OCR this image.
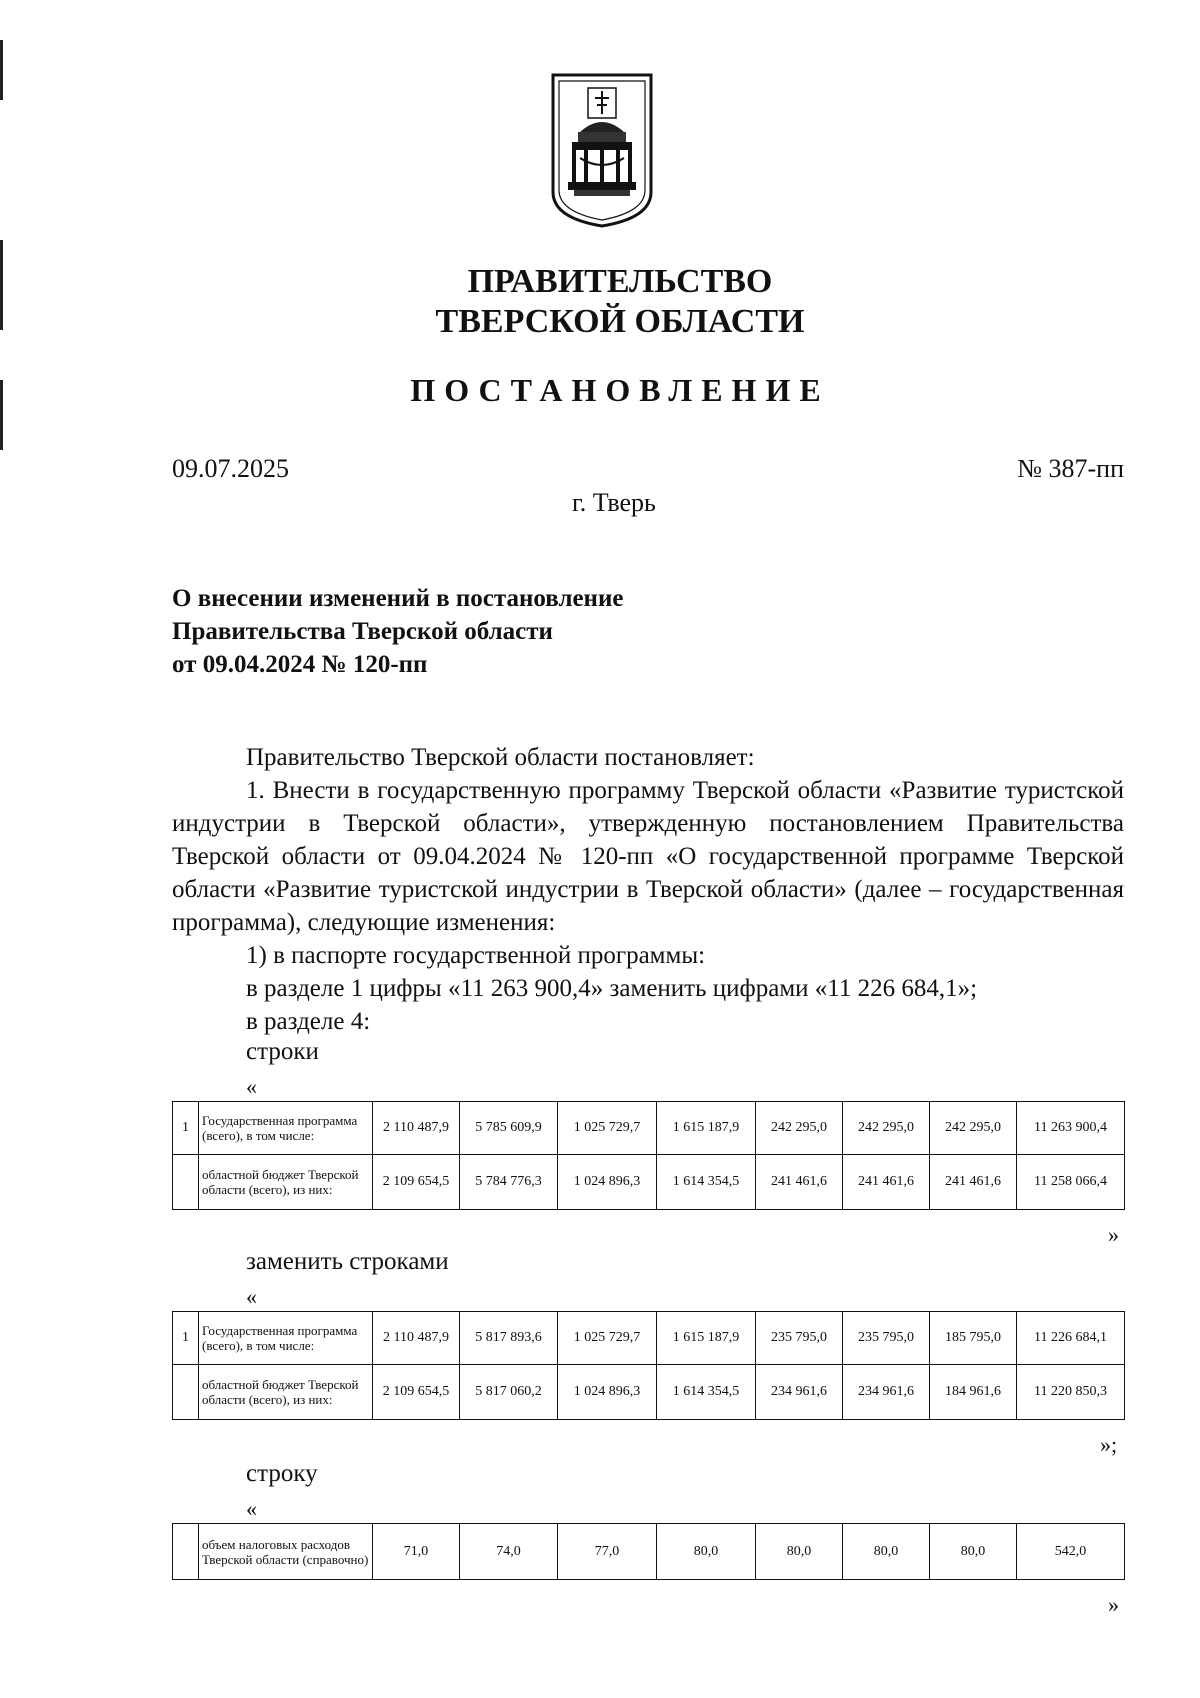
ПРАВИТЕЛЬСТВО
ТВЕРСКОЙ ОБЛАСТИ
ПОСТАНОВЛЕНИЕ
09.07.2025	№ 387-пп
г. Тверь
О внесении изменений в постановление
Правительства Тверской области
от 09.04.2024 № 120-пп

Правительство Тверской области постановляет:

1. Внести в государственную программу Тверской области «Развитие туристской индустрии в Тверской области», утвержденную постановлением Правительства Тверской области от 09.04.2024 № 120-пп «О государственной программе Тверской области «Развитие туристской индустрии в Тверской области» (далее – государственная программа), следующие изменения:

1) в паспорте государственной программы:

в разделе 1 цифры «11 263 900,4» заменить цифрами «11 226 684,1»;

в разделе 4:

строки
«
1	Государственная программа (всего), в том числе:	2 110 487,9	5 785 609,9	1 025 729,7	1 615 187,9	242 295,0	242 295,0	242 295,0	11 263 900,4
	областной бюджет Тверской области (всего), из них:	2 109 654,5	5 784 776,3	1 024 896,3	1 614 354,5	241 461,6	241 461,6	241 461,6	11 258 066,4
»
заменить строками
«
1	Государственная программа (всего), в том числе:	2 110 487,9	5 817 893,6	1 025 729,7	1 615 187,9	235 795,0	235 795,0	185 795,0	11 226 684,1
	областной бюджет Тверской области (всего), из них:	2 109 654,5	5 817 060,2	1 024 896,3	1 614 354,5	234 961,6	234 961,6	184 961,6	11 220 850,3
»;
строку
«
	объем налоговых расходов Тверской области (справочно)	71,0	74,0	77,0	80,0	80,0	80,0	80,0	542,0
»
